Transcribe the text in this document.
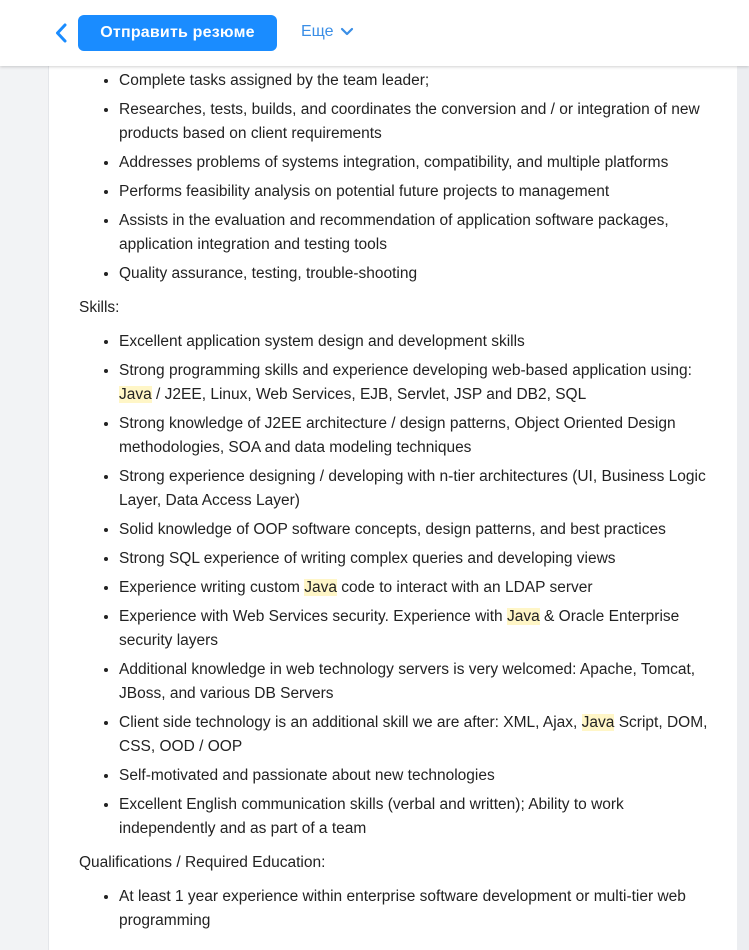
•
• Complete tasks assigned by the team leader;
• Researches, tests, builds, and coordinates the conversion and / or integration of new products based on client requirements
• Addresses problems of systems integration, compatibility, and multiple platforms
• Performs feasibility analysis on potential future projects to management
• Assists in the evaluation and recommendation of application software packages, application integration and testing tools
• Quality assurance, testing, trouble-shooting

Skills:

• Excellent application system design and development skills
• Strong programming skills and experience developing web-based application using: Java / J2EE, Linux, Web Services, EJB, Servlet, JSP and DB2, SQL
• Strong knowledge of J2EE architecture / design patterns, Object Oriented Design methodologies, SOA and data modeling techniques
• Strong experience designing / developing with n-tier architectures (UI, Business Logic Layer, Data Access Layer)
• Solid knowledge of OOP software concepts, design patterns, and best practices
• Strong SQL experience of writing complex queries and developing views
• Experience writing custom Java code to interact with an LDAP server
• Experience with Web Services security. Experience with Java & Oracle Enterprise security layers
• Additional knowledge in web technology servers is very welcomed: Apache, Tomcat, JBoss, and various DB Servers
• Client side technology is an additional skill we are after: XML, Ajax, Java Script, DOM, CSS, OOD / OOP
• Self-motivated and passionate about new technologies
• Excellent English communication skills (verbal and written); Ability to work independently and as part of a team

Qualifications / Required Education:

• At least 1 year experience within enterprise software development or multi-tier web programming
Отправить резюме	Еще
